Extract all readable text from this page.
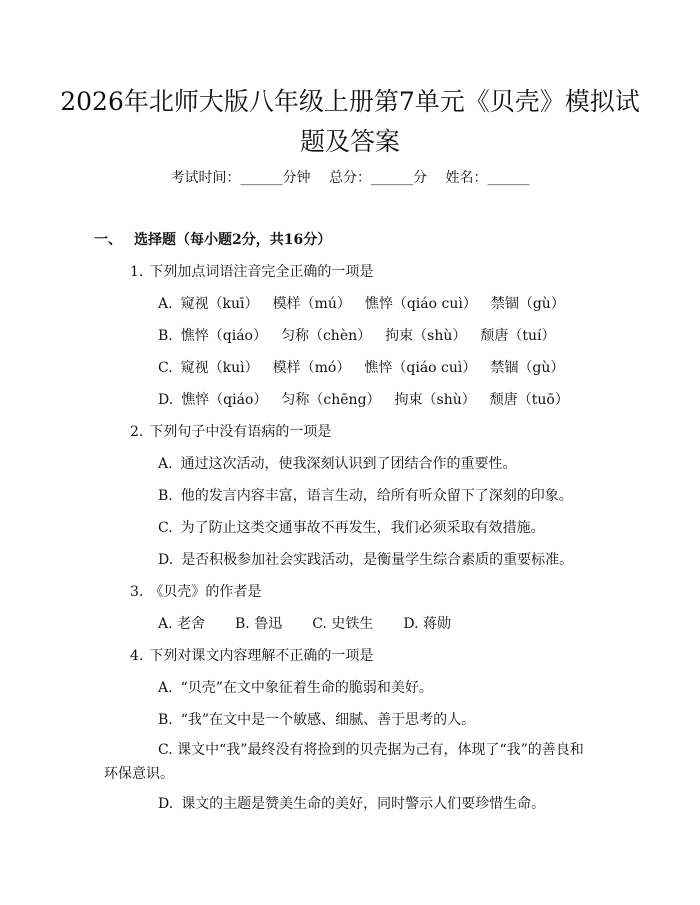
2026年北师大版八年级上册第7单元《贝壳》模拟试题及答案
考试时间：______分钟 总分：______分 姓名：______
一、 选择题（每小题2分，共16分）
1. 下列加点词语注音完全正确的一项是
A. 窥视（kuī） 模样（mú） 憔悴（qiáo cuì） 禁锢（gù）
B. 憔悴（qiáo） 匀称（chèn） 拘束（shù） 颓唐（tuí）
C. 窥视（kuì） 模样（mó） 憔悴（qiáo cuì） 禁锢（gù）
D. 憔悴（qiáo） 匀称（chēng） 拘束（shù） 颓唐（tuō）
2. 下列句子中没有语病的一项是
A. 通过这次活动，使我深刻认识到了团结合作的重要性。
B. 他的发言内容丰富，语言生动，给所有听众留下了深刻的印象。
C. 为了防止这类交通事故不再发生，我们必须采取有效措施。
D. 是否积极参加社会实践活动，是衡量学生综合素质的重要标准。
3. 《贝壳》的作者是
A. 老舍 B. 鲁迅 C. 史铁生 D. 蒋勋
4. 下列对课文内容理解不正确的一项是
A. “贝壳”在文中象征着生命的脆弱和美好。
B. “我”在文中是一个敏感、细腻、善于思考的人。

C. 课文中“我”最终没有将捡到的贝壳据为己有，体现了“我”的善良和环保意识。

D. 课文的主题是赞美生命的美好，同时警示人们要珍惜生命。
